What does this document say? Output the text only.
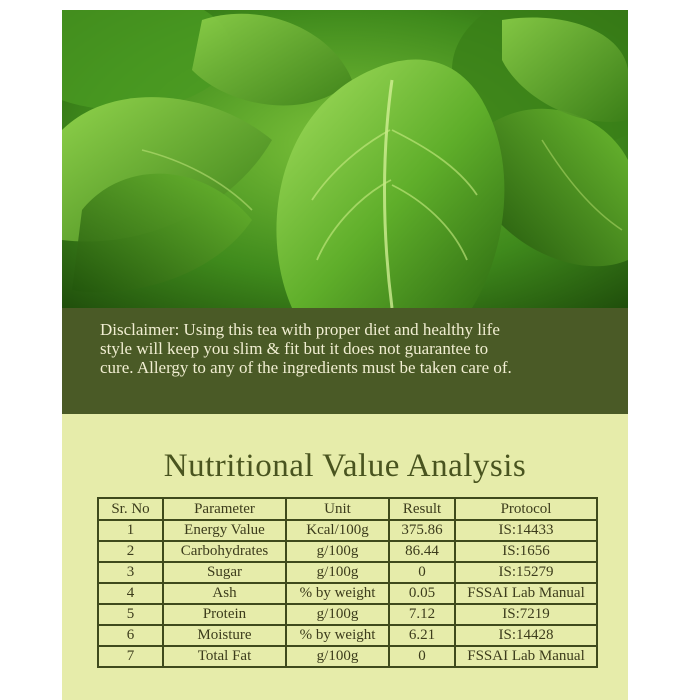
Disclaimer: Using this tea with proper diet and healthy life
style will keep you slim & fit but it does not guarantee to
cure. Allergy to any of the ingredients must be taken care of.
Nutritional Value Analysis
Sr. No	Parameter	Unit	Result	Protocol
1	Energy Value	Kcal/100g	375.86	IS:14433
2	Carbohydrates	g/100g	86.44	IS:1656
3	Sugar	g/100g	0	IS:15279
4	Ash	% by weight	0.05	FSSAI Lab Manual
5	Protein	g/100g	7.12	IS:7219
6	Moisture	% by weight	6.21	IS:14428
7	Total Fat	g/100g	0	FSSAI Lab Manual
